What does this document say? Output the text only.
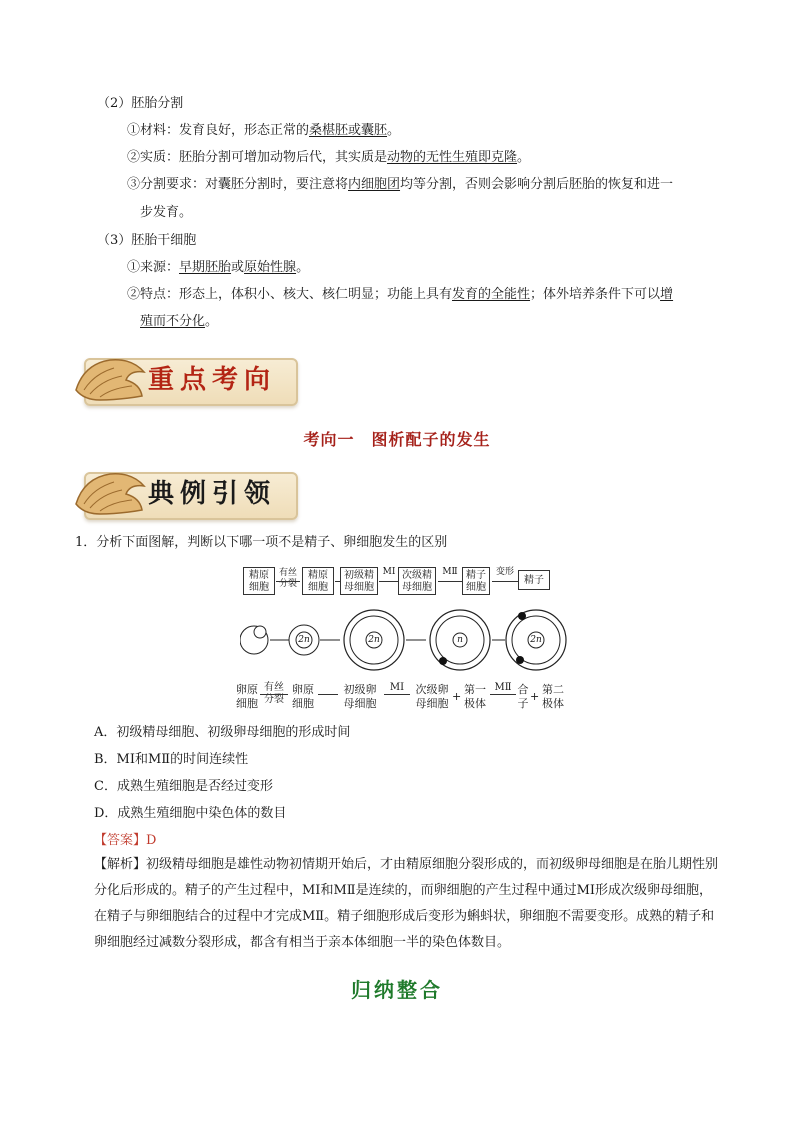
（2）胚胎分割
①材料：发育良好，形态正常的桑椹胚或囊胚。
②实质：胚胎分割可增加动物后代，其实质是动物的无性生殖即克隆。
③分割要求：对囊胚分割时，要注意将内细胞团均等分割，否则会影响分割后胚胎的恢复和进一
步发育。
（3）胚胎干细胞
①来源：早期胚胎或原始性腺。
②特点：形态上，体积小、核大、核仁明显；功能上具有发育的全能性；体外培养条件下可以增
殖而不分化。
重点考向
考向一　图析配子的发生
典例引领
1．分析下面图解，判断以下哪一项不是精子、卵细胞发生的区别
精原
细胞
有丝
分裂
精原
细胞
初级精
母细胞
MⅠ 次级精
母细胞
MⅡ 精子
细胞
变形
精子
2n	2n	n	2n
卵原
细胞
有丝
分裂
卵原
细胞
初级卵
母细胞
MⅠ	次级卵
母细胞
+
第一
极体
MⅡ 合
子
+
第二
极体
A．初级精母细胞、初级卵母细胞的形成时间
B．MⅠ和MⅡ的时间连续性
C．成熟生殖细胞是否经过变形
D．成熟生殖细胞中染色体的数目
【答案】D
【解析】初级精母细胞是雄性动物初情期开始后，才由精原细胞分裂形成的，而初级卵母细胞是在胎儿期性别分化后形成的。精子的产生过程中，MⅠ和MⅡ是连续的，而卵细胞的产生过程中通过MⅠ形成次级卵母细胞，在精子与卵细胞结合的过程中才完成MⅡ。精子细胞形成后变形为蝌蚪状，卵细胞不需要变形。成熟的精子和卵细胞经过减数分裂形成，都含有相当于亲本体细胞一半的染色体数目。
归纳整合
